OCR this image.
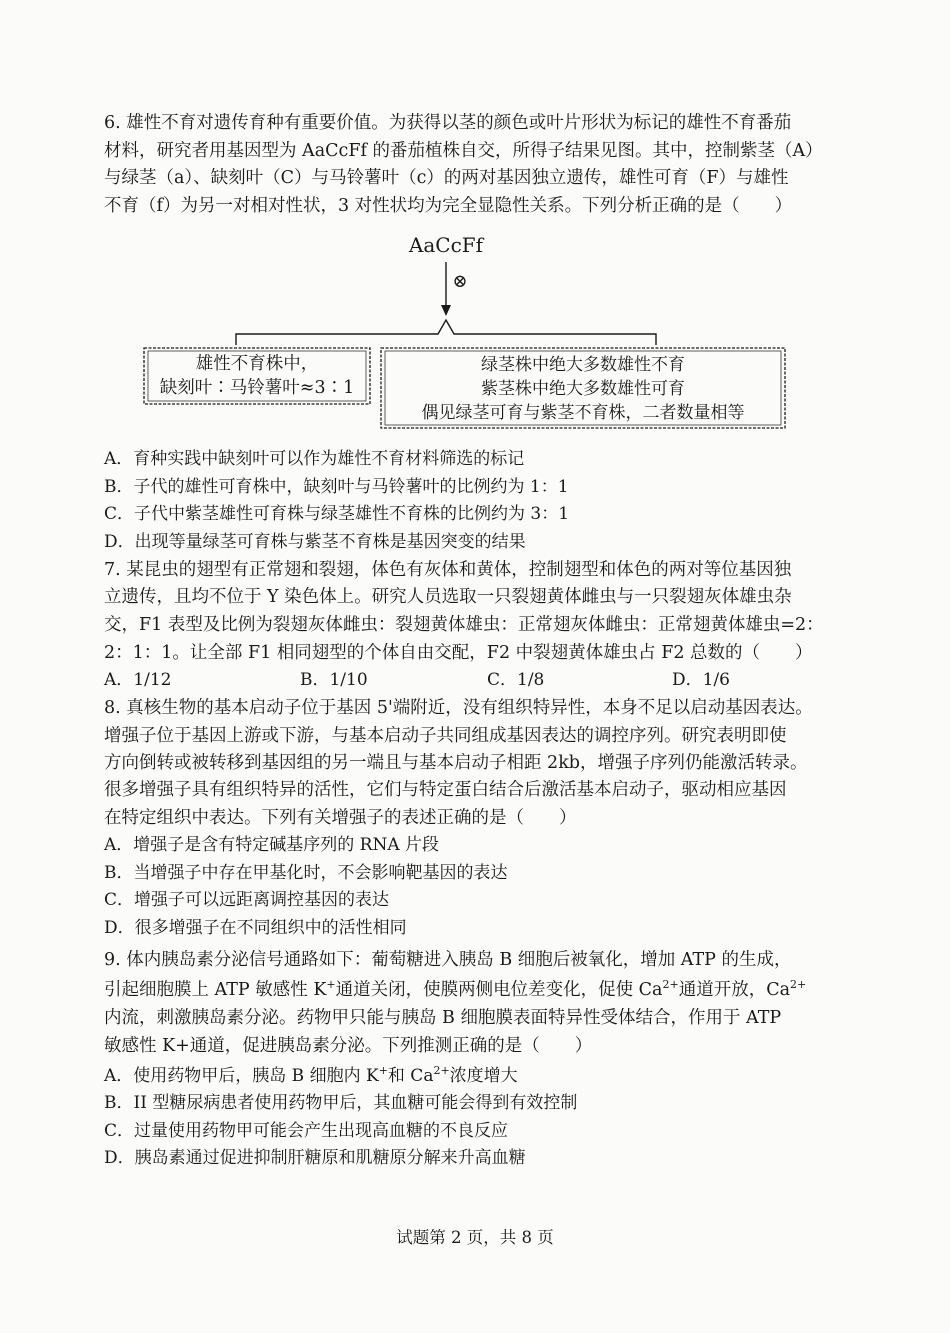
6. 雄性不育对遗传育种有重要价值。为获得以茎的颜色或叶片形状为标记的雄性不育番茄
材料，研究者用基因型为 AaCcFf 的番茄植株自交，所得子结果见图。其中，控制紫茎（A）
与绿茎（a）、缺刻叶（C）与马铃薯叶（c）的两对基因独立遗传，雄性可育（F）与雄性
不育（f）为另一对相对性状，3 对性状均为完全显隐性关系。下列分析正确的是（　　）
AaCcFf
⊗
雄性不育株中，
缺刻叶∶马铃薯叶≈3∶1
绿茎株中绝大多数雄性不育
紫茎株中绝大多数雄性可育
偶见绿茎可育与紫茎不育株，二者数量相等
A．育种实践中缺刻叶可以作为雄性不育材料筛选的标记
B．子代的雄性可育株中，缺刻叶与马铃薯叶的比例约为 1：1
C．子代中紫茎雄性可育株与绿茎雄性不育株的比例约为 3：1
D．出现等量绿茎可育株与紫茎不育株是基因突变的结果
7. 某昆虫的翅型有正常翅和裂翅，体色有灰体和黄体，控制翅型和体色的两对等位基因独
立遗传，且均不位于 Y 染色体上。研究人员选取一只裂翅黄体雌虫与一只裂翅灰体雄虫杂
交，F1 表型及比例为裂翅灰体雌虫：裂翅黄体雄虫：正常翅灰体雌虫：正常翅黄体雄虫=2：
2：1：1。让全部 F1 相同翅型的个体自由交配，F2 中裂翅黄体雄虫占 F2 总数的（　　）
A．1/12	B．1/10	C．1/8	D．1/6
8. 真核生物的基本启动子位于基因 5'端附近，没有组织特异性，本身不足以启动基因表达。
增强子位于基因上游或下游，与基本启动子共同组成基因表达的调控序列。研究表明即使
方向倒转或被转移到基因组的另一端且与基本启动子相距 2kb，增强子序列仍能激活转录。
很多增强子具有组织特异的活性，它们与特定蛋白结合后激活基本启动子，驱动相应基因
在特定组织中表达。下列有关增强子的表述正确的是（　　）
A．增强子是含有特定碱基序列的 RNA 片段
B．当增强子中存在甲基化时，不会影响靶基因的表达
C．增强子可以远距离调控基因的表达
D．很多增强子在不同组织中的活性相同
9. 体内胰岛素分泌信号通路如下：葡萄糖进入胰岛 B 细胞后被氧化，增加 ATP 的生成，
引起细胞膜上 ATP 敏感性 K+通道关闭，使膜两侧电位差变化，促使 $Ca^{2+}$通道开放，$Ca^{2+}$
内流，刺激胰岛素分泌。药物甲只能与胰岛 B 细胞膜表面特异性受体结合，作用于 ATP
敏感性 K+通道，促进胰岛素分泌。下列推测正确的是（　　）
A．使用药物甲后，胰岛 B 细胞内 K+和 $Ca^{2+}$浓度增大
B．II 型糖尿病患者使用药物甲后，其血糖可能会得到有效控制
C．过量使用药物甲可能会产生出现高血糖的不良反应
D．胰岛素通过促进抑制肝糖原和肌糖原分解来升高血糖
试题第 2 页，共 8 页
